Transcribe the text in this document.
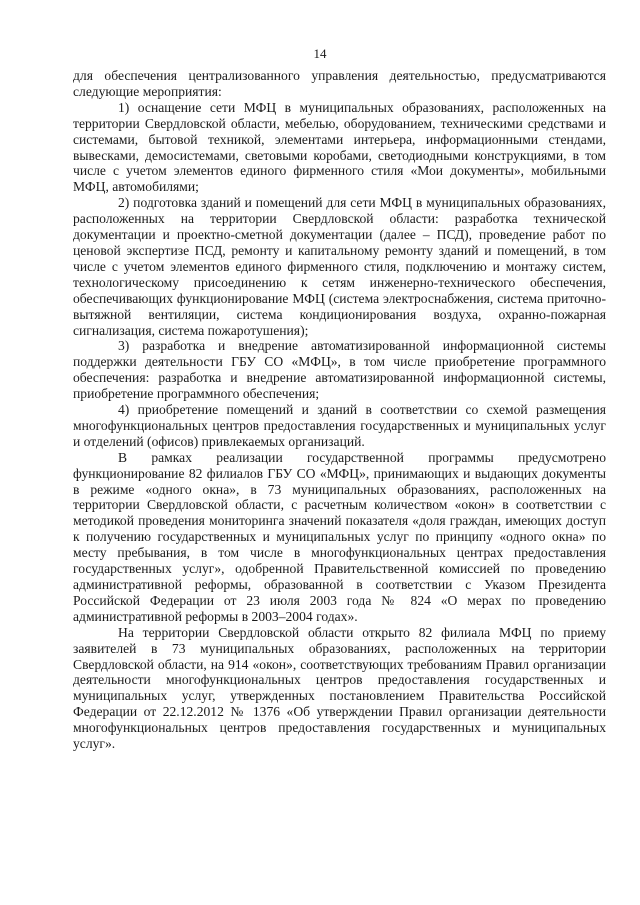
14

для обеспечения централизованного управления деятельностью, предусматриваются следующие мероприятия:

1) оснащение сети МФЦ в муниципальных образованиях, расположенных на территории Свердловской области, мебелью, оборудованием, техническими средствами и системами, бытовой техникой, элементами интерьера, информационными стендами, вывесками, демосистемами, световыми коробами, светодиодными конструкциями, в том числе с учетом элементов единого фирменного стиля «Мои документы», мобильными МФЦ, автомобилями;

2) подготовка зданий и помещений для сети МФЦ в муниципальных образованиях, расположенных на территории Свердловской области: разработка технической документации и проектно-сметной документации (далее – ПСД), проведение работ по ценовой экспертизе ПСД, ремонту и капитальному ремонту зданий и помещений, в том числе с учетом элементов единого фирменного стиля, подключению и монтажу систем, технологическому присоединению к сетям инженерно-технического обеспечения, обеспечивающих функционирование МФЦ (система электроснабжения, система приточно-вытяжной вентиляции, система кондиционирования воздуха, охранно-пожарная сигнализация, система пожаротушения);

3) разработка и внедрение автоматизированной информационной системы поддержки деятельности ГБУ СО «МФЦ», в том числе приобретение программного обеспечения: разработка и внедрение автоматизированной информационной системы, приобретение программного обеспечения;

4) приобретение помещений и зданий в соответствии со схемой размещения многофункциональных центров предоставления государственных и муниципальных услуг и отделений (офисов) привлекаемых организаций.

В рамках реализации государственной программы предусмотрено функционирование 82 филиалов ГБУ СО «МФЦ», принимающих и выдающих документы в режиме «одного окна», в 73 муниципальных образованиях, расположенных на территории Свердловской области, с расчетным количеством «окон» в соответствии с методикой проведения мониторинга значений показателя «доля граждан, имеющих доступ к получению государственных и муниципальных услуг по принципу «одного окна» по месту пребывания, в том числе в многофункциональных центрах предоставления государственных услуг», одобренной Правительственной комиссией по проведению административной реформы, образованной в соответствии с Указом Президента Российской Федерации от 23 июля 2003 года № 824 «О мерах по проведению административной реформы в 2003–2004 годах».

На территории Свердловской области открыто 82 филиала МФЦ по приему заявителей в 73 муниципальных образованиях, расположенных на территории Свердловской области, на 914 «окон», соответствующих требованиям Правил организации деятельности многофункциональных центров предоставления государственных и муниципальных услуг, утвержденных постановлением Правительства Российской Федерации от 22.12.2012 № 1376 «Об утверждении Правил организации деятельности многофункциональных центров предоставления государственных и муниципальных услуг».
